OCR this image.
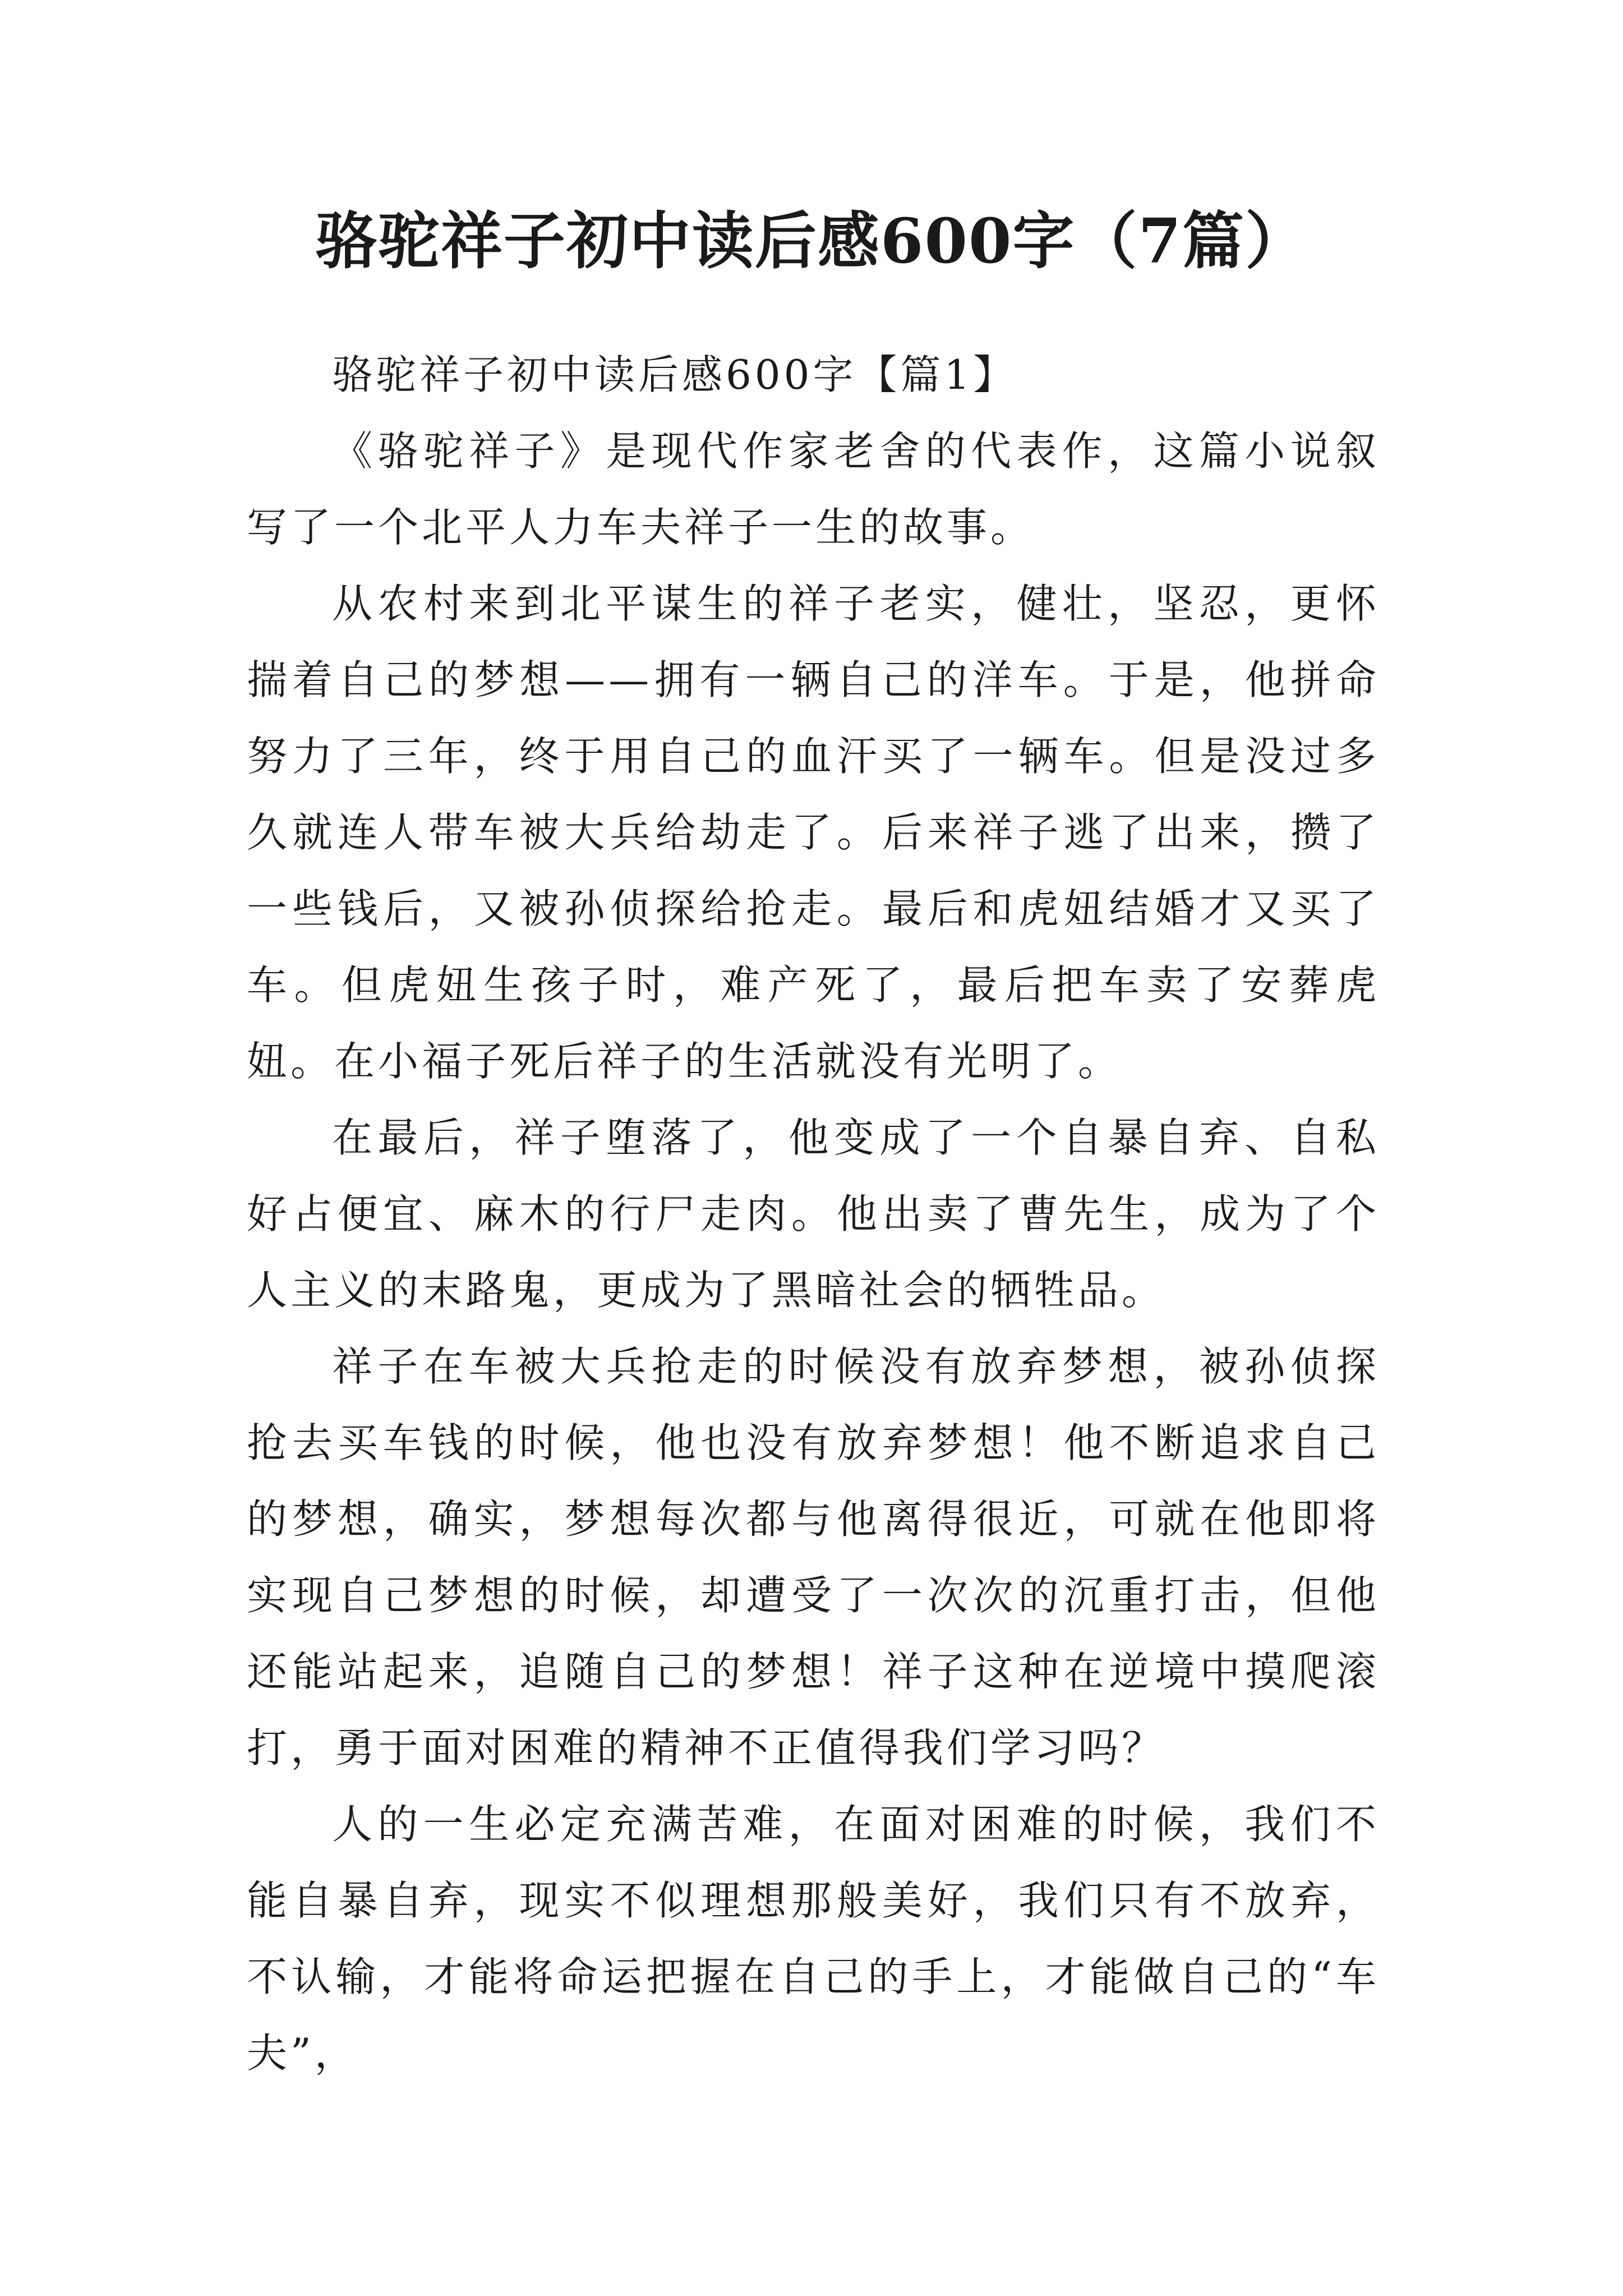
骆驼祥子初中读后感600字（7篇）
骆驼祥子初中读后感600字【篇1】

《骆驼祥子》是现代作家老舍的代表作，这篇小说叙写了一个北平人力车夫祥子一生的故事。

从农村来到北平谋生的祥子老实，健壮，坚忍，更怀揣着自己的梦想——拥有一辆自己的洋车。于是，他拼命努力了三年，终于用自己的血汗买了一辆车。但是没过多久就连人带车被大兵给劫走了。后来祥子逃了出来，攒了一些钱后，又被孙侦探给抢走。最后和虎妞结婚才又买了车。但虎妞生孩子时，难产死了，最后把车卖了安葬虎妞。在小福子死后祥子的生活就没有光明了。

在最后，祥子堕落了，他变成了一个自暴自弃、自私好占便宜、麻木的行尸走肉。他出卖了曹先生，成为了个人主义的末路鬼，更成为了黑暗社会的牺牲品。

祥子在车被大兵抢走的时候没有放弃梦想，被孙侦探抢去买车钱的时候，他也没有放弃梦想！他不断追求自己的梦想，确实，梦想每次都与他离得很近，可就在他即将实现自己梦想的时候，却遭受了一次次的沉重打击，但他还能站起来，追随自己的梦想！祥子这种在逆境中摸爬滚打，勇于面对困难的精神不正值得我们学习吗？

人的一生必定充满苦难，在面对困难的时候，我们不能自暴自弃，现实不似理想那般美好，我们只有不放弃，不认输，才能将命运把握在自己的手上，才能做自己的“车夫”，
